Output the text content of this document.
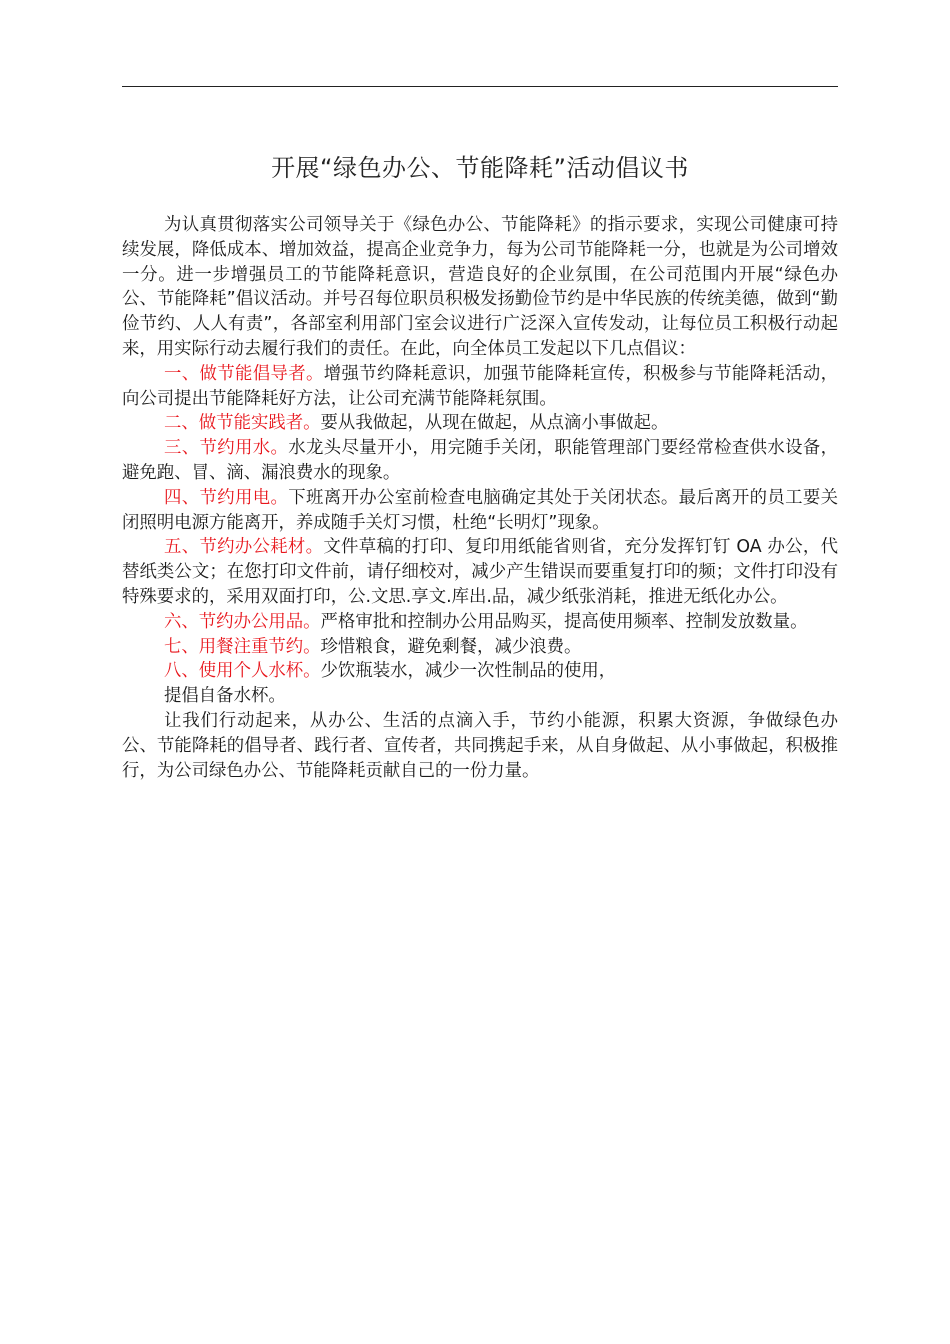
开展“绿色办公、节能降耗”活动倡议书

为认真贯彻落实公司领导关于《绿色办公、节能降耗》的指示要求，实现公司健康可持续发展，降低成本、增加效益，提高企业竞争力，每为公司节能降耗一分，也就是为公司增效一分。进一步增强员工的节能降耗意识，营造良好的企业氛围，在公司范围内开展“绿色办公、节能降耗”倡议活动。并号召每位职员积极发扬勤俭节约是中华民族的传统美德，做到“勤俭节约、人人有责”，各部室利用部门室会议进行广泛深入宣传发动，让每位员工积极行动起来，用实际行动去履行我们的责任。在此，向全体员工发起以下几点倡议：

一、做节能倡导者。增强节约降耗意识，加强节能降耗宣传，积极参与节能降耗活动，向公司提出节能降耗好方法，让公司充满节能降耗氛围。

二、做节能实践者。要从我做起，从现在做起，从点滴小事做起。

三、节约用水。水龙头尽量开小，用完随手关闭，职能管理部门要经常检查供水设备，避免跑、冒、滴、漏浪费水的现象。

四、节约用电。下班离开办公室前检查电脑确定其处于关闭状态。最后离开的员工要关闭照明电源方能离开，养成随手关灯习惯，杜绝“长明灯”现象。

五、节约办公耗材。文件草稿的打印、复印用纸能省则省，充分发挥钉钉 OA 办公，代替纸类公文；在您打印文件前，请仔细校对，减少产生错误而要重复打印的频；文件打印没有特殊要求的，采用双面打印，公.文思.享文.库出.品，减少纸张消耗，推进无纸化办公。

六、节约办公用品。严格审批和控制办公用品购买，提高使用频率、控制发放数量。

七、用餐注重节约。珍惜粮食，避免剩餐，减少浪费。

八、使用个人水杯。少饮瓶装水，减少一次性制品的使用，

提倡自备水杯。

让我们行动起来，从办公、生活的点滴入手，节约小能源，积累大资源，争做绿色办公、节能降耗的倡导者、践行者、宣传者，共同携起手来，从自身做起、从小事做起，积极推行，为公司绿色办公、节能降耗贡献自己的一份力量。
